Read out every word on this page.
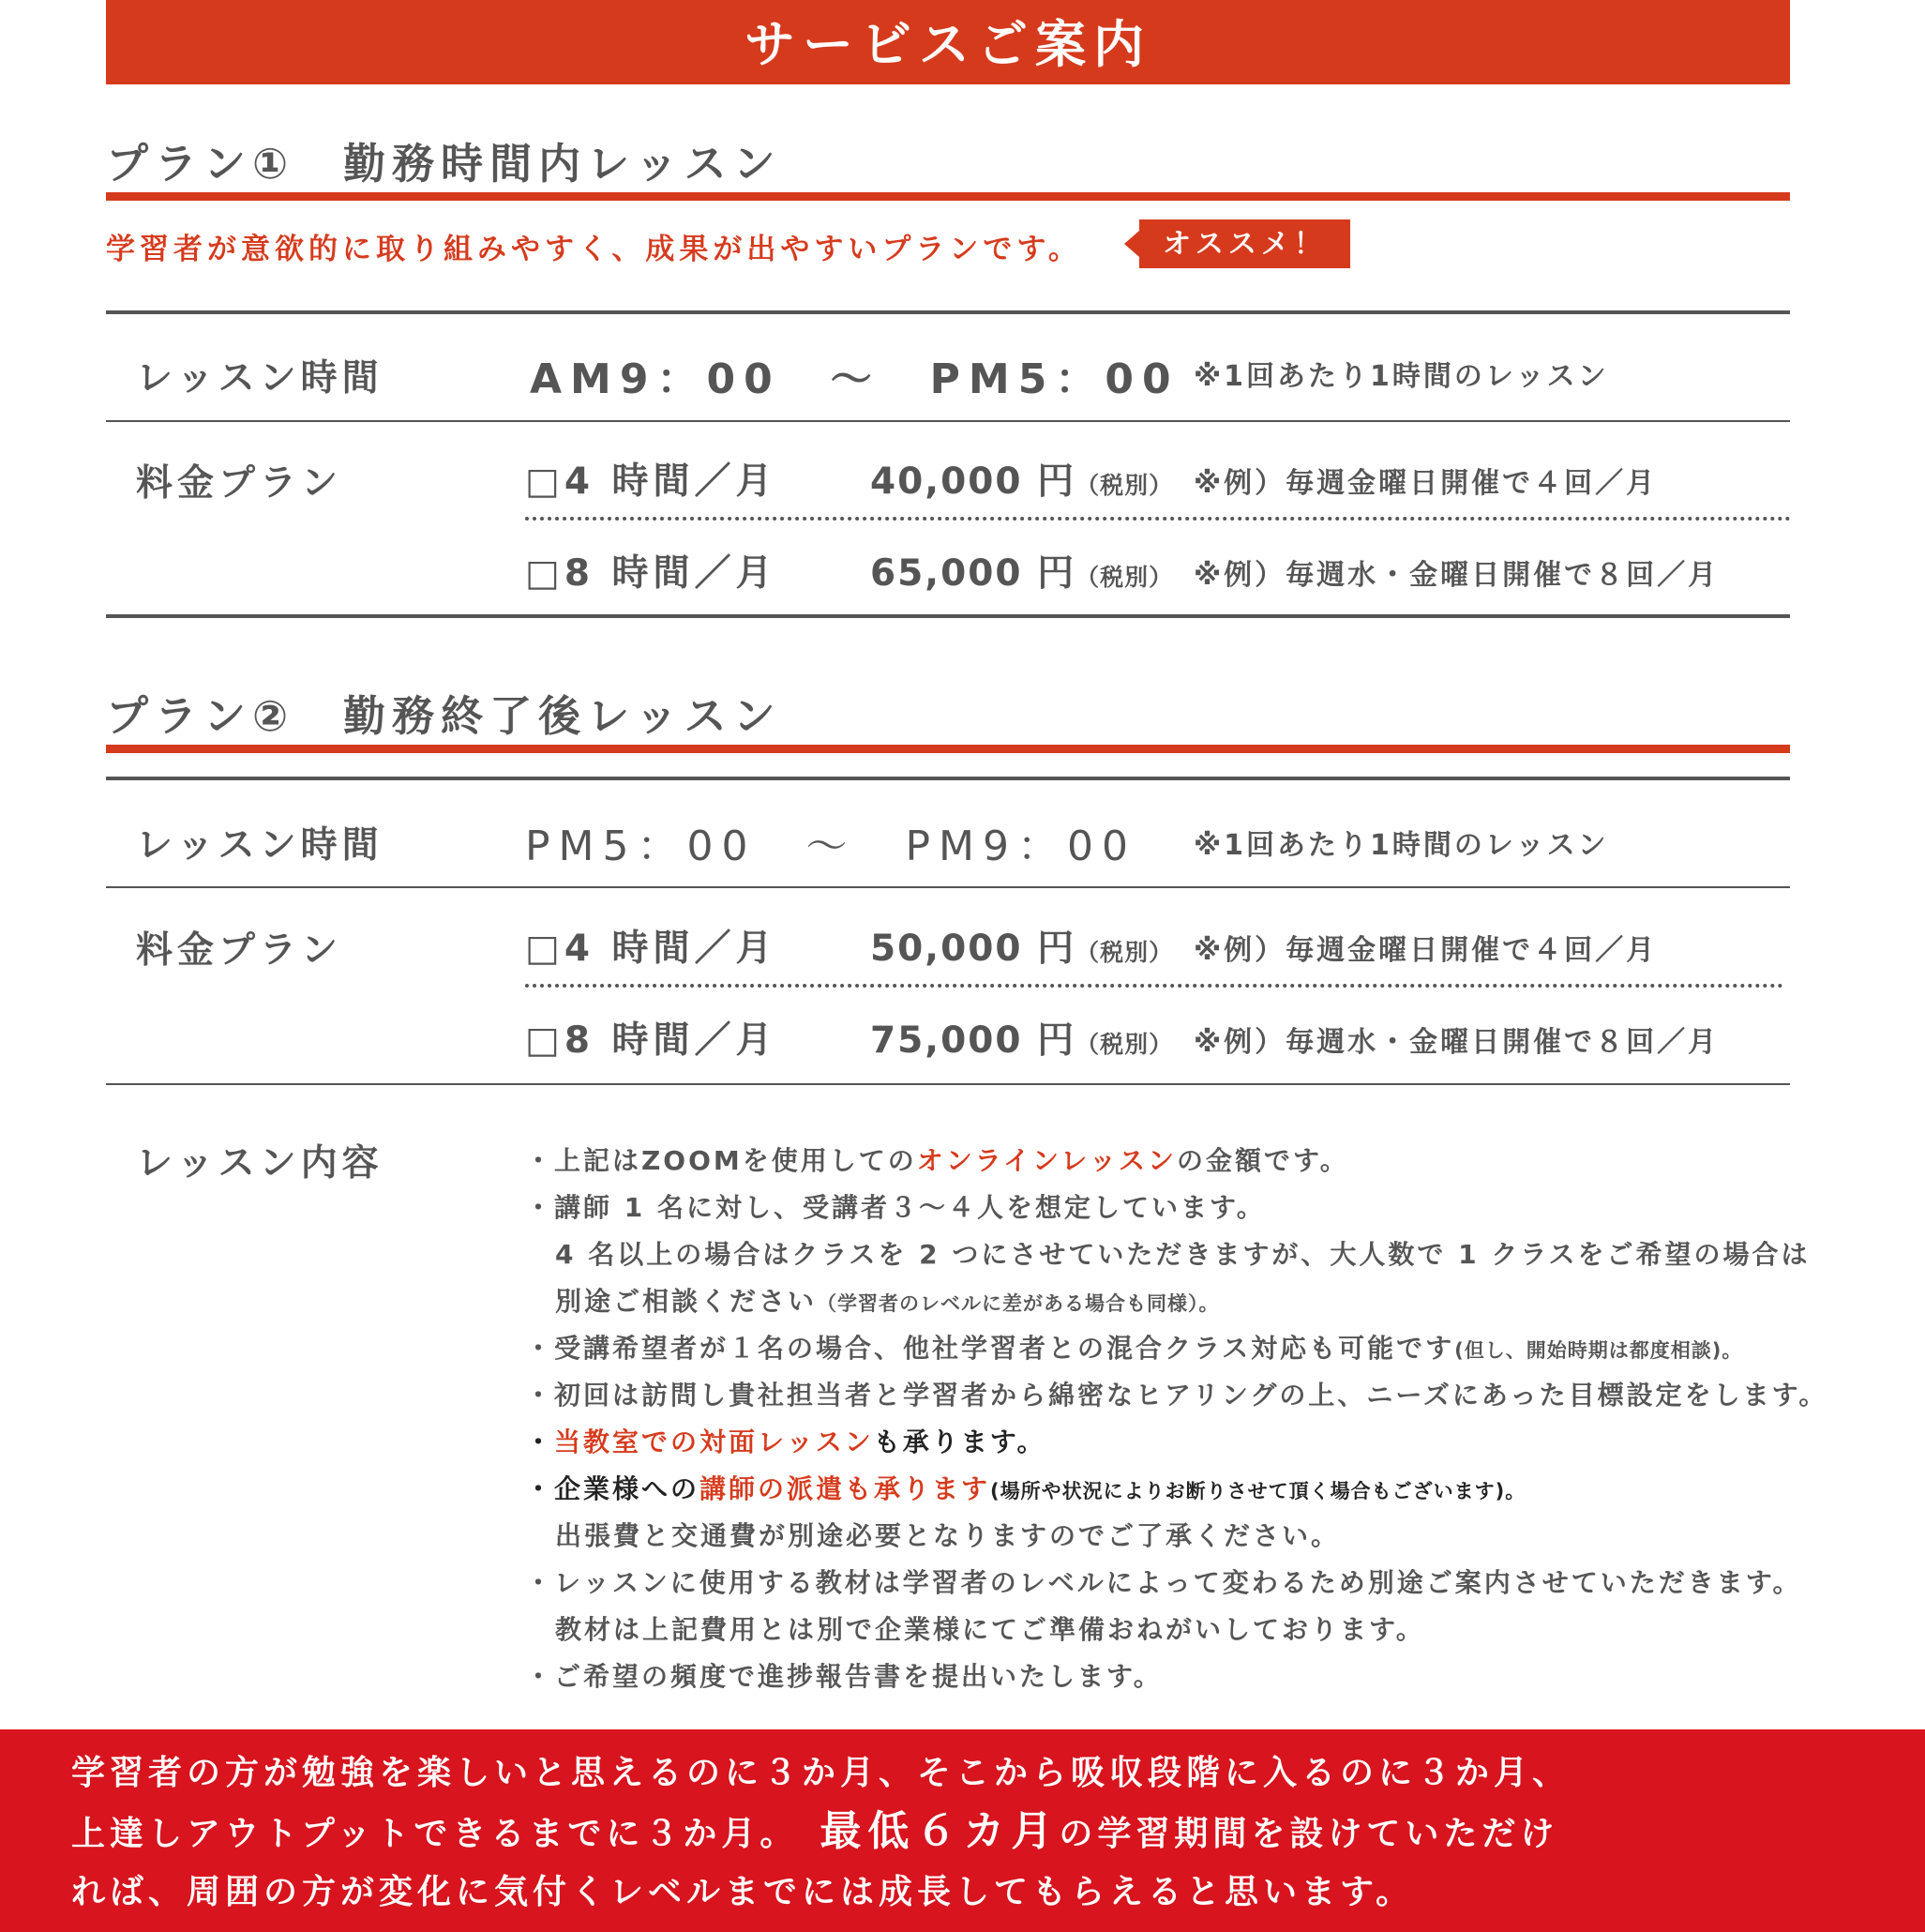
サービスご案内
プラン①　勤務時間内レッスン
学習者が意欲的に取り組みやすく、成果が出やすいプランです。	オススメ！
レッスン時間	AM9：00　～　PM5：00 ※1回あたり1時間のレッスン
料金プラン	□4 時間／月	40,000 円（税別） ※例）毎週金曜日開催で４回／月
□8 時間／月	65,000 円（税別） ※例）毎週水・金曜日開催で８回／月
プラン②　勤務終了後レッスン
レッスン時間	PM5：00　～　PM9：00 ※1回あたり1時間のレッスン
料金プラン	□4 時間／月	50,000 円（税別） ※例）毎週金曜日開催で４回／月
□8 時間／月	75,000 円（税別） ※例）毎週水・金曜日開催で８回／月
レッスン内容	・上記はZOOMを使用してのオンラインレッスンの金額です。
・講師 1 名に対し、受講者３～４人を想定しています。
4 名以上の場合はクラスを 2 つにさせていただきますが、大人数で 1 クラスをご希望の場合は
別途ご相談ください（学習者のレベルに差がある場合も同様）。
・受講希望者が１名の場合、他社学習者との混合クラス対応も可能です(但し、開始時期は都度相談)。
・初回は訪問し貴社担当者と学習者から綿密なヒアリングの上、ニーズにあった目標設定をします。
・当教室での対面レッスンも承ります。
・企業様への講師の派遣も承ります(場所や状況によりお断りさせて頂く場合もございます)。
出張費と交通費が別途必要となりますのでご了承ください。
・レッスンに使用する教材は学習者のレベルによって変わるため別途ご案内させていただきます。
教材は上記費用とは別で企業様にてご準備おねがいしております。
・ご希望の頻度で進捗報告書を提出いたします。
学習者の方が勉強を楽しいと思えるのに３か月、そこから吸収段階に入るのに３か月、
上達しアウトプットできるまでに３か月。　最低６カ月の学習期間を設けていただけ
れば、周囲の方が変化に気付くレベルまでには成長してもらえると思います。
